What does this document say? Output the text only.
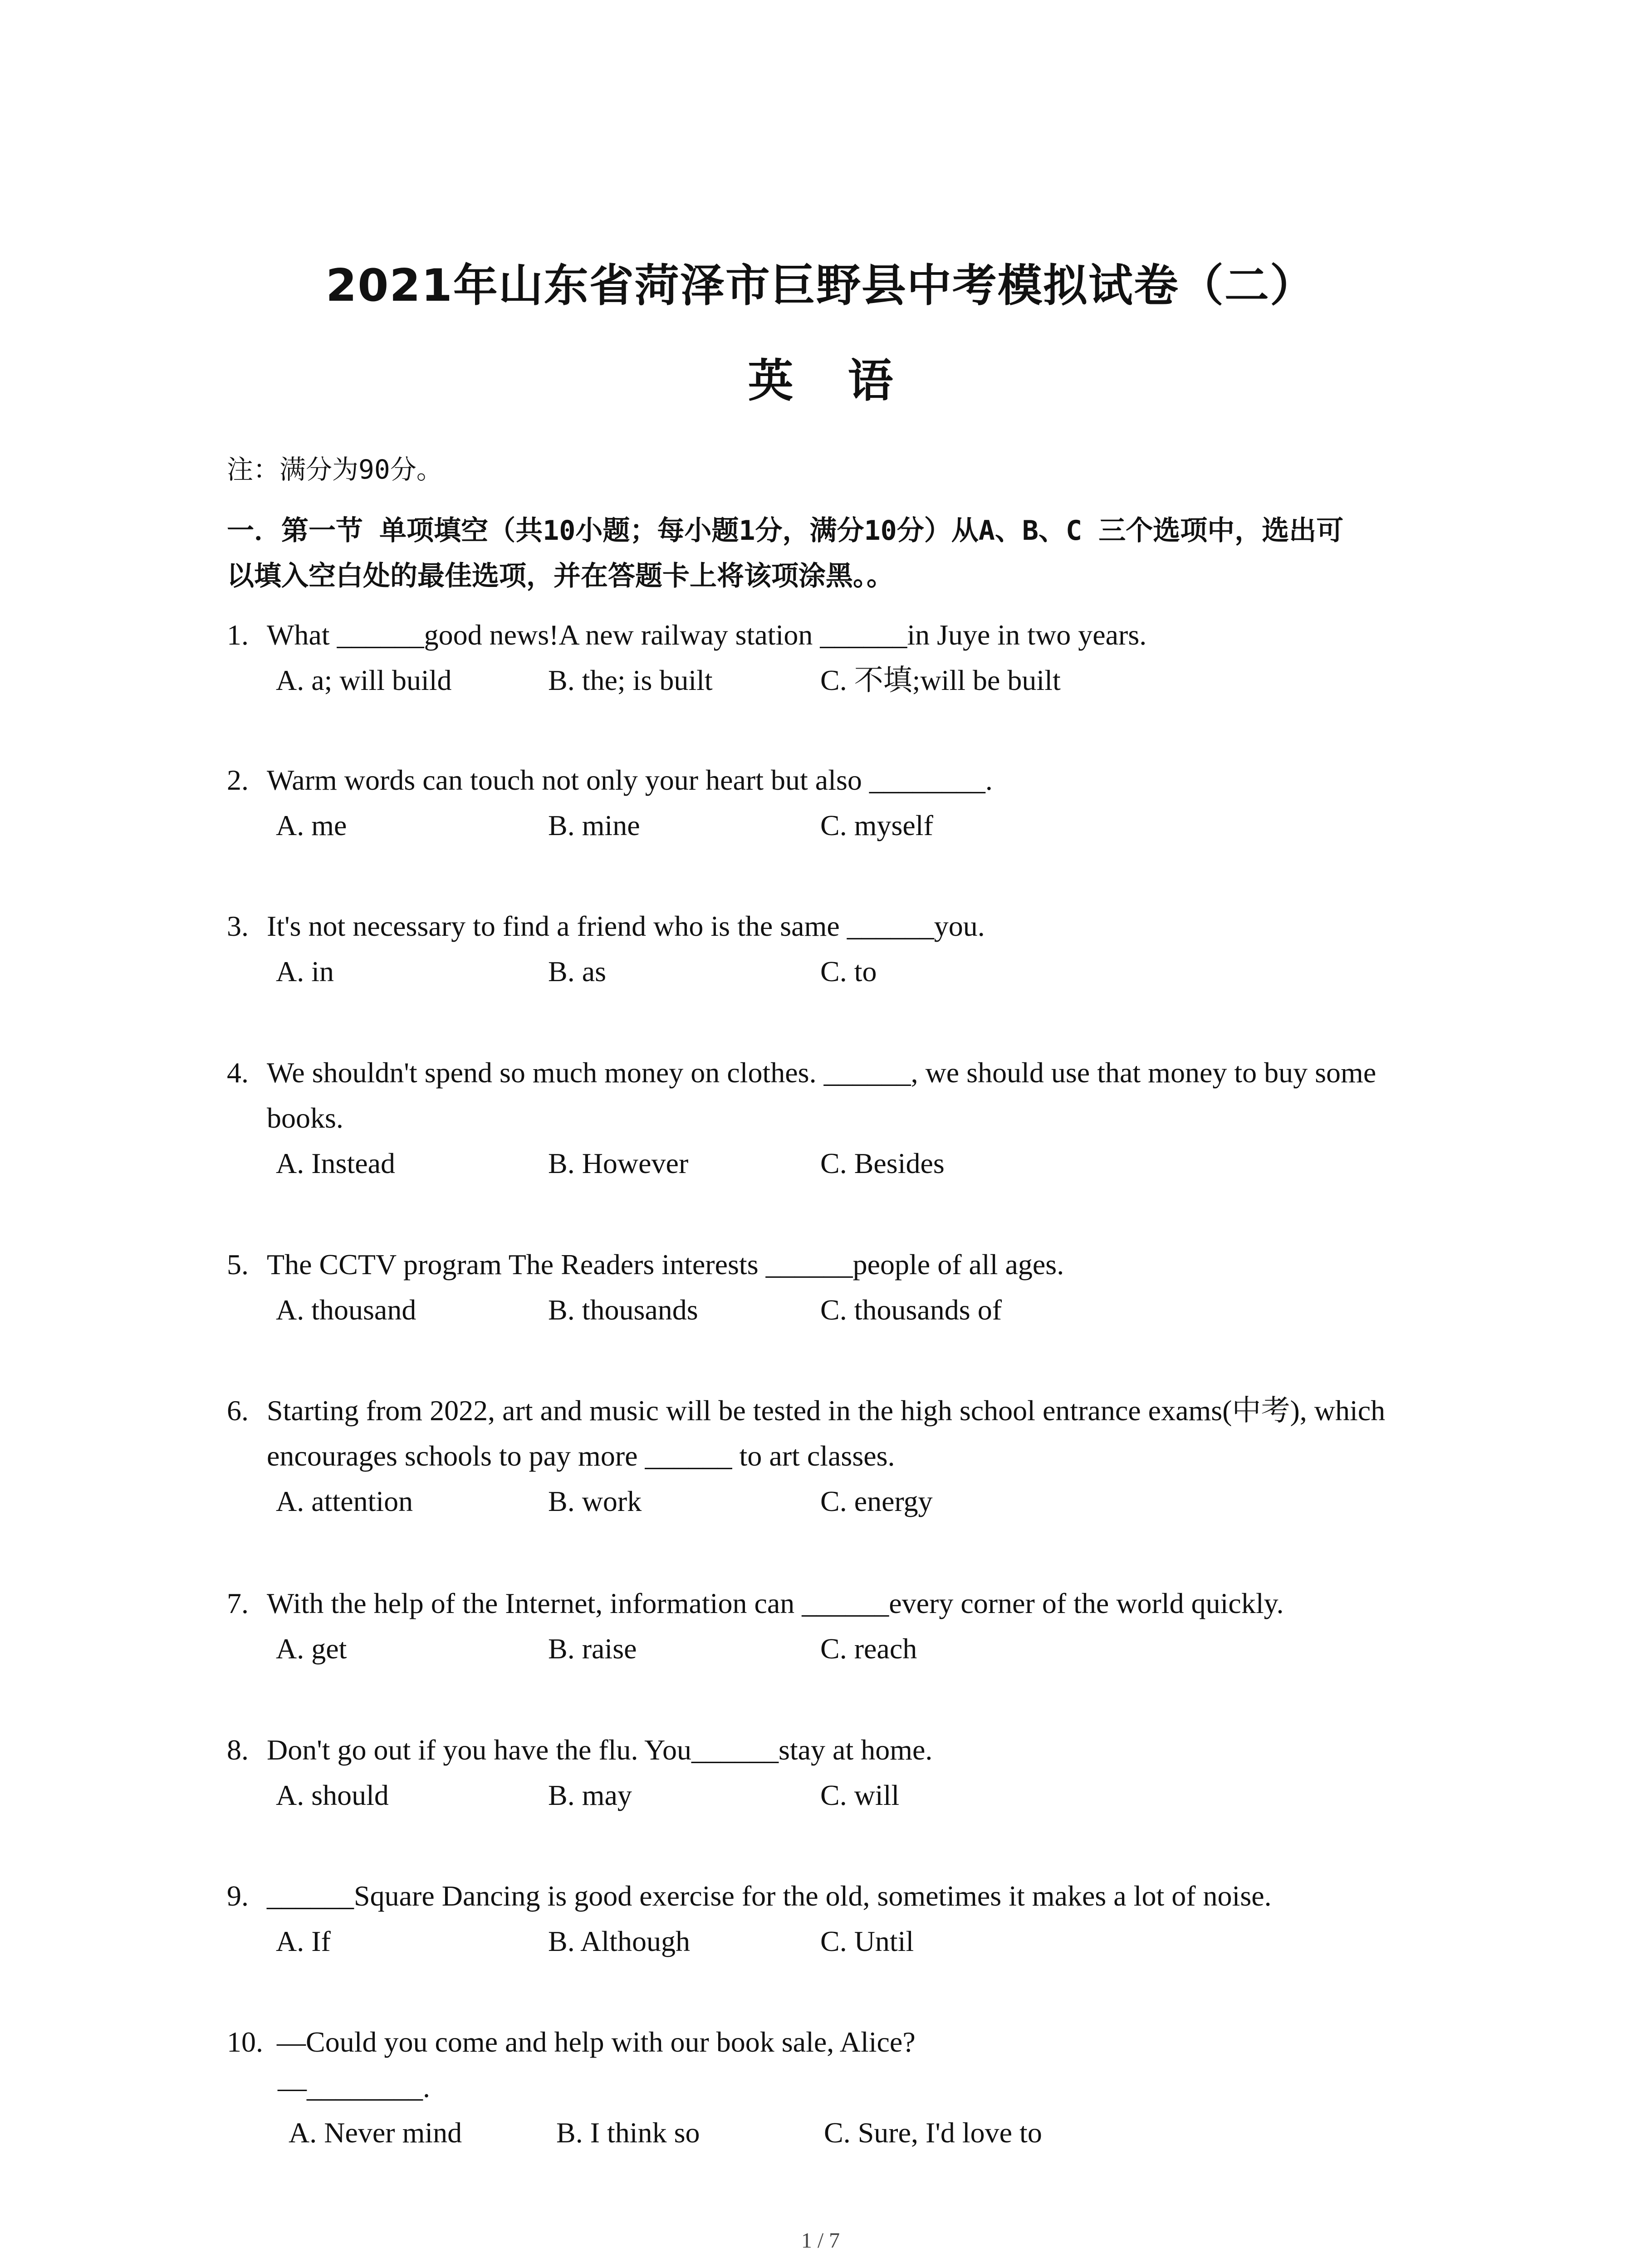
2021年山东省菏泽市巨野县中考模拟试卷（二）
英语
注：满分为90分。
一．第一节 单项填空（共10小题；每小题1分，满分10分）从A、B、C 三个选项中，选出可
以填入空白处的最佳选项，并在答题卡上将该项涂黑。。
1. What ______good news!A new railway station ______in Juye in two years.
A. a; will build	B. the; is built	C. 不填;will be built
2. Warm words can touch not only your heart but also ________.
A. me	B. mine	C. myself
3. It's not necessary to find a friend who is the same ______you.
A. in	B. as	C. to
4. We shouldn't spend so much money on clothes. ______, we should use that money to buy some
books.
A. Instead	B. However	C. Besides
5. The CCTV program The Readers interests ______people of all ages.
A. thousand	B. thousands	C. thousands of
6. Starting from 2022, art and music will be tested in the high school entrance exams(中考), which
encourages schools to pay more ______ to art classes.
A. attention	B. work	C. energy
7. With the help of the Internet, information can ______every corner of the world quickly.
A. get	B. raise	C. reach
8. Don't go out if you have the flu. You______stay at home.
A. should	B. may	C. will
9. ______Square Dancing is good exercise for the old, sometimes it makes a lot of noise.
A. If	B. Although	C. Until
10. —Could you come and help with our book sale, Alice?
—________.
A. Never mind	B. I think so	C. Sure, I'd love to
1 / 7
